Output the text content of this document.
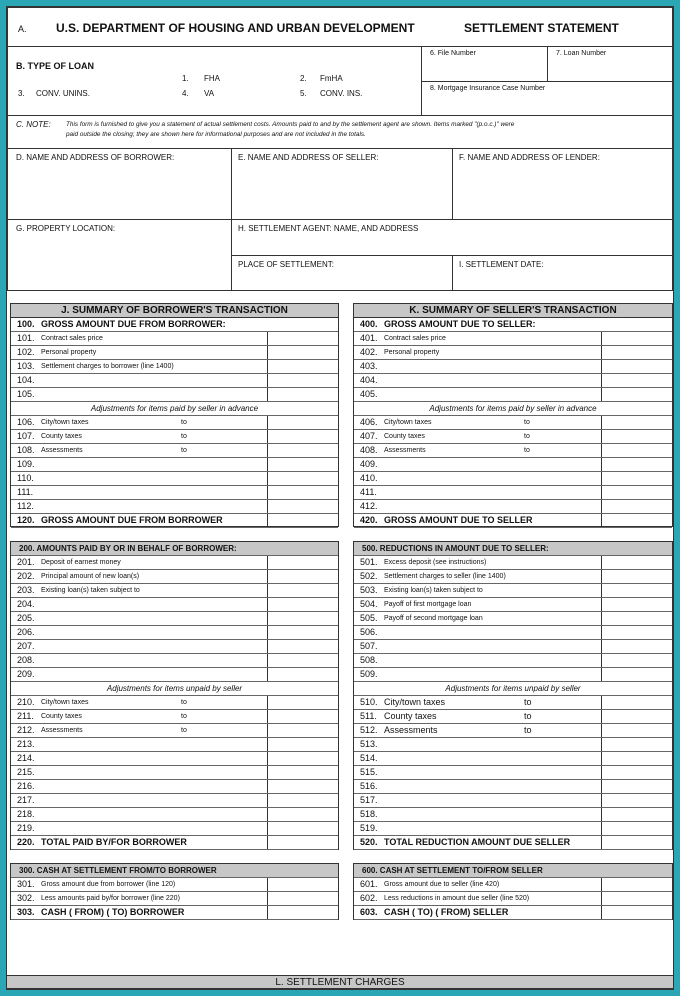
A. U.S. DEPARTMENT OF HOUSING AND URBAN DEVELOPMENT	SETTLEMENT STATEMENT
B. TYPE OF LOAN
1. FHA	2. FmHA
3. CONV. UNINS.	4. VA	5. CONV. INS.
6. File Number	7. Loan Number
8. Mortgage Insurance Case Number
C. NOTE: This form is furnished to give you a statement of actual settlement costs. Amounts paid to and by the settlement agent are shown. Items marked "(p.o.c.)" were
paid outside the closing; they are shown here for informational purposes and are not included in the totals.
D. NAME AND ADDRESS OF BORROWER:	E. NAME AND ADDRESS OF SELLER:	F. NAME AND ADDRESS OF LENDER:
G. PROPERTY LOCATION:	H. SETTLEMENT AGENT: NAME, AND ADDRESS
PLACE OF SETTLEMENT:	I. SETTLEMENT DATE:
J. SUMMARY OF BORROWER'S TRANSACTION
100. GROSS AMOUNT DUE FROM BORROWER:
101. Contract sales price
102. Personal property
103. Settlement charges to borrower (line 1400)
104.
105.
Adjustments for items paid by seller in advance
106. City/town taxes	to
107. County taxes	to
108. Assessments	to
109.
110.
111.
112.
120. GROSS AMOUNT DUE FROM BORROWER
K. SUMMARY OF SELLER'S TRANSACTION
400. GROSS AMOUNT DUE TO SELLER:
401. Contract sales price
402. Personal property
403.
404.
405.
Adjustments for items paid by seller in advance
406. City/town taxes	to
407. County taxes	to
408. Assessments	to
409.
410.
411.
412.
420. GROSS AMOUNT DUE TO SELLER
200. AMOUNTS PAID BY OR IN BEHALF OF BORROWER:
201. Deposit of earnest money
202. Principal amount of new loan(s)
203. Existing loan(s) taken subject to
204.
205.
206.
207.
208.
209.
Adjustments for items unpaid by seller
210. City/town taxes	to
211. County taxes	to
212. Assessments	to
213.
214.
215.
216.
217.
218.
219.
220. TOTAL PAID BY/FOR BORROWER
500. REDUCTIONS IN AMOUNT DUE TO SELLER:
501. Excess deposit (see instructions)
502. Settlement charges to seller (line 1400)
503. Existing loan(s) taken subject to
504. Payoff of first mortgage loan
505. Payoff of second mortgage loan
506.
507.
508.
509.
Adjustments for items unpaid by seller
510. City/town taxes	to
511. County taxes	to
512. Assessments	to
513.
514.
515.
516.
517.
518.
519.
520. TOTAL REDUCTION AMOUNT DUE SELLER
300. CASH AT SETTLEMENT FROM/TO BORROWER
301. Gross amount due from borrower (line 120)
302. Less amounts paid by/for borrower (line 220)
303. CASH ( FROM) ( TO) BORROWER
600. CASH AT SETTLEMENT TO/FROM SELLER
601. Gross amount due to seller (line 420)
602. Less reductions in amount due seller (line 520)
603. CASH ( TO) ( FROM) SELLER
L. SETTLEMENT CHARGES
